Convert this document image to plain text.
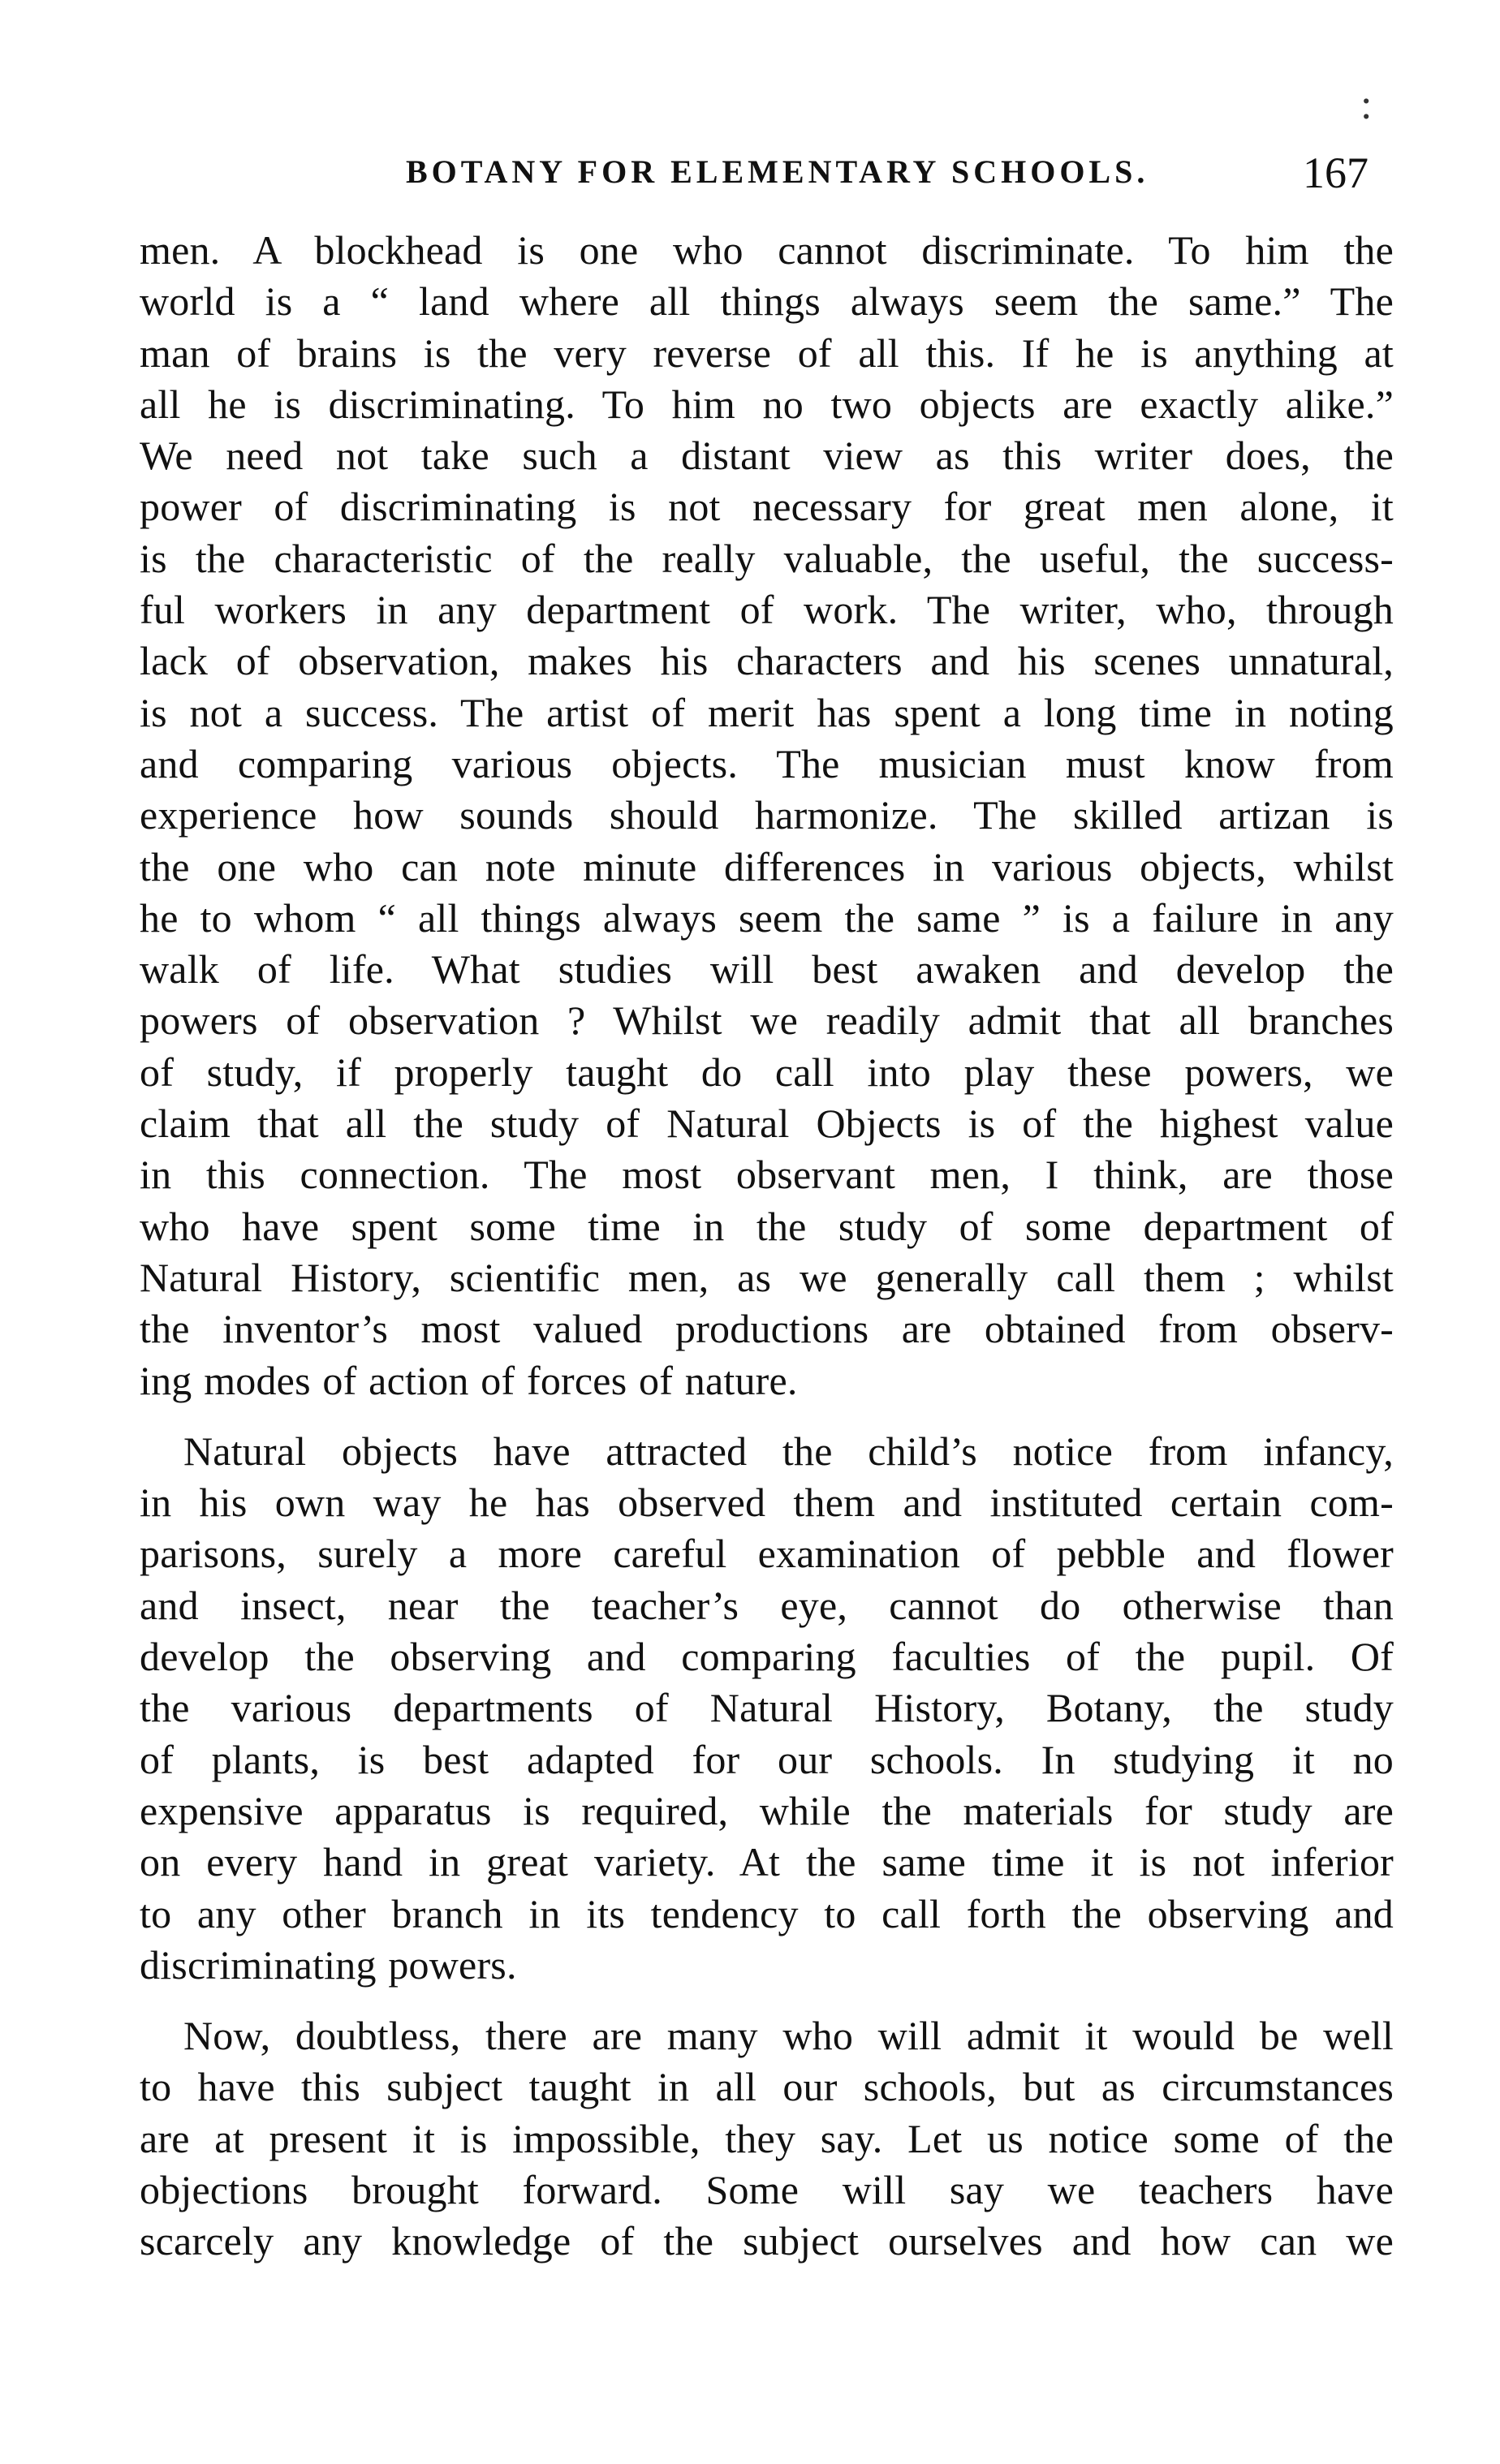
:
BOTANY FOR ELEMENTARY SCHOOLS.	167

men. A blockhead is one who cannot discriminate. To him the
world is a “ land where all things always seem the same.” The
man of brains is the very reverse of all this. If he is anything at
all he is discriminating. To him no two objects are exactly alike.”
We need not take such a distant view as this writer does, the
power of discriminating is not necessary for great men alone, it
is the characteristic of the really valuable, the useful, the success-
ful workers in any department of work. The writer, who, through
lack of observation, makes his characters and his scenes unnatural,
is not a success. The artist of merit has spent a long time in noting
and comparing various objects. The musician must know from
experience how sounds should harmonize. The skilled artizan is
the one who can note minute differences in various objects, whilst
he to whom “ all things always seem the same ” is a failure in any
walk of life. What studies will best awaken and develop the
powers of observation ? Whilst we readily admit that all branches
of study, if properly taught do call into play these powers, we
claim that all the study of Natural Objects is of the highest value
in this connection. The most observant men, I think, are those
who have spent some time in the study of some department of
Natural History, scientific men, as we generally call them ; whilst
the inventor’s most valued productions are obtained from observ-
ing modes of action of forces of nature.

Natural objects have attracted the child’s notice from infancy,
in his own way he has observed them and instituted certain com-
parisons, surely a more careful examination of pebble and flower
and insect, near the teacher’s eye, cannot do otherwise than
develop the observing and comparing faculties of the pupil. Of
the various departments of Natural History, Botany, the study
of plants, is best adapted for our schools. In studying it no
expensive apparatus is required, while the materials for study are
on every hand in great variety. At the same time it is not inferior
to any other branch in its tendency to call forth the observing and
discriminating powers.

Now, doubtless, there are many who will admit it would be well
to have this subject taught in all our schools, but as circumstances
are at present it is impossible, they say. Let us notice some of the
objections brought forward. Some will say we teachers have
scarcely any knowledge of the subject ourselves and how can we
